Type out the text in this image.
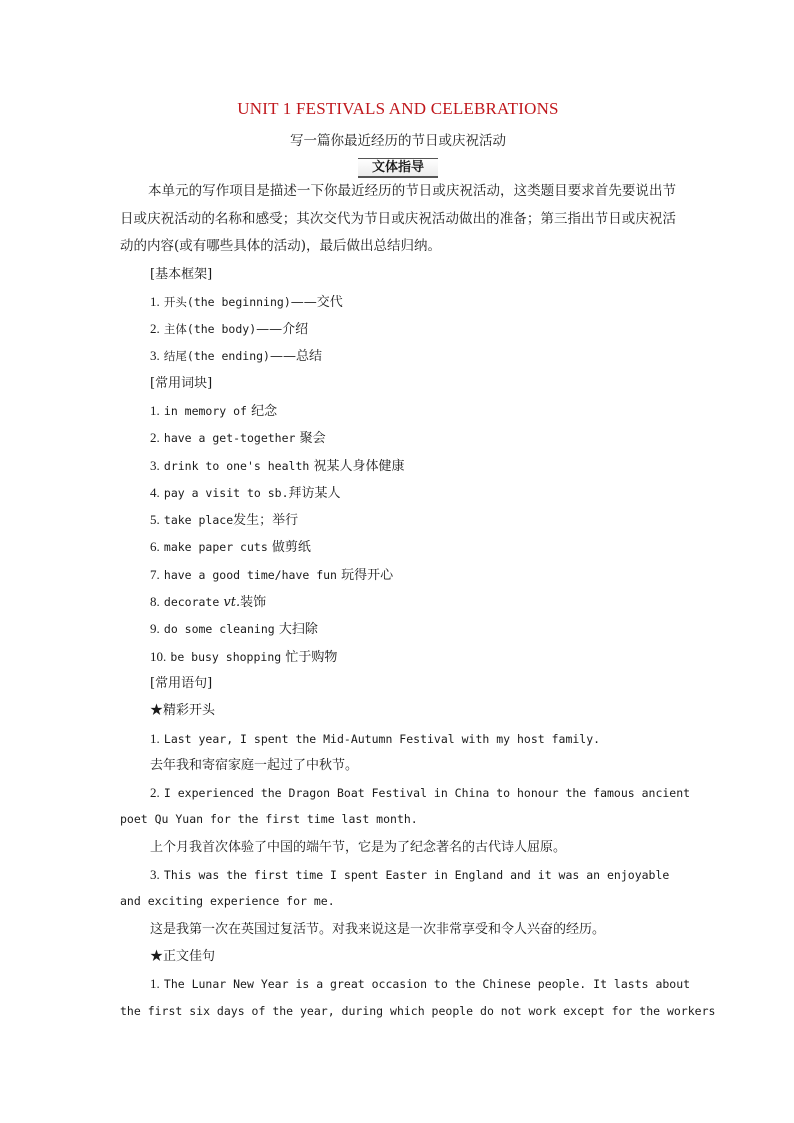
UNIT 1 FESTIVALS AND CELEBRATIONS
写一篇你最近经历的节日或庆祝活动
文体指导

本单元的写作项目是描述一下你最近经历的节日或庆祝活动，这类题目要求首先要说出节日或庆祝活动的名称和感受；其次交代为节日或庆祝活动做出的准备；第三指出节日或庆祝活动的内容(或有哪些具体的活动)，最后做出总结归纳。

[基本框架]
1. 开头(the beginning)——交代
2. 主体(the body)——介绍
3. 结尾(the ending)——总结
[常用词块]
1. in memory of 纪念
2. have a get-together 聚会
3. drink to one's health 祝某人身体健康
4. pay a visit to sb.拜访某人
5. take place发生；举行
6. make paper cuts 做剪纸
7. have a good time/have fun 玩得开心
8. decorate vt.装饰
9. do some cleaning 大扫除
10. be busy shopping 忙于购物
[常用语句]
★精彩开头
1. Last year, I spent the Mid-Autumn Festival with my host family.
去年我和寄宿家庭一起过了中秋节。
2. I experienced the Dragon Boat Festival in China to honour the famous ancient
poet Qu Yuan for the first time last month.
上个月我首次体验了中国的端午节，它是为了纪念著名的古代诗人屈原。
3. This was the first time I spent Easter in England and it was an enjoyable
and exciting experience for me.
这是我第一次在英国过复活节。对我来说这是一次非常享受和令人兴奋的经历。
★正文佳句
1. The Lunar New Year is a great occasion to the Chinese people. It lasts about
the first six days of the year, during which people do not work except for the workers
